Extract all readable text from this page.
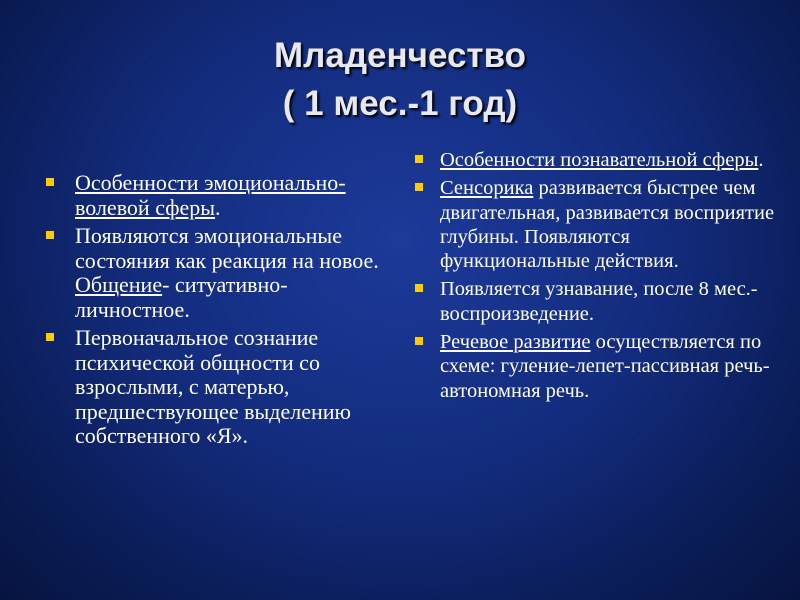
Младенчество
( 1 мес.-1 год)
Особенности эмоционально-волевой сферы.
Появляются эмоциональные состояния как реакция на новое. Общение- ситуативно-личностное.
Первоначальное сознание психической общности со взрослыми, с матерью, предшествующее выделению собственного «Я».
Особенности познавательной сферы.
Сенсорика развивается быстрее чем двигательная, развивается восприятие глубины. Появляются функциональные действия.
Появляется узнавание, после 8 мес.-воспроизведение.
Речевое развитие осуществляется по схеме: гуление-лепет-пассивная речь-автономная речь.
